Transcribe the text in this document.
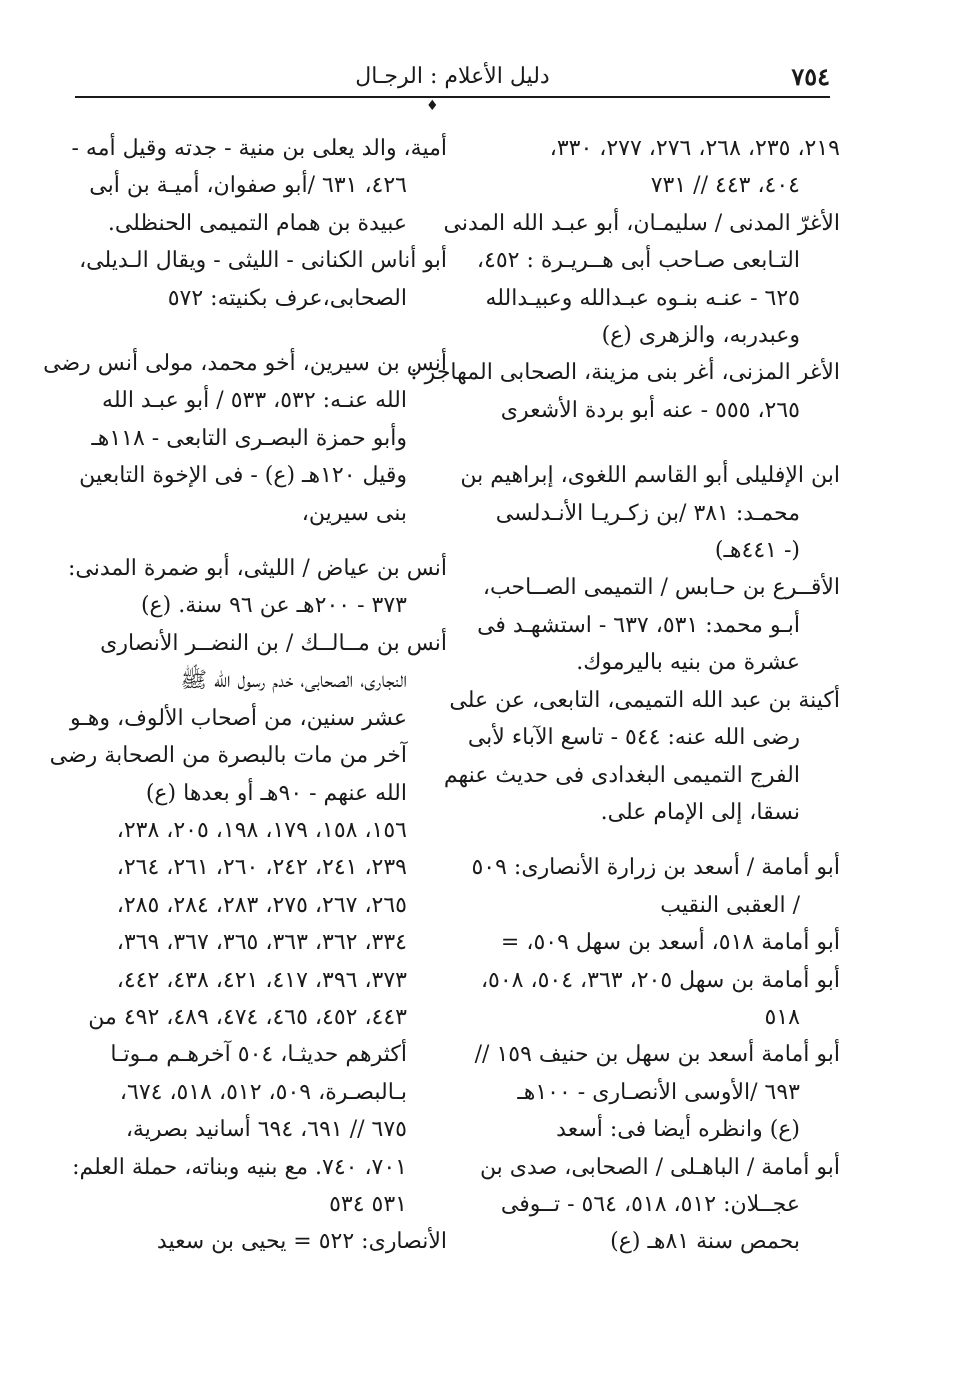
٧٥٤
دليل الأعلام : الرجـال
♦
٢١٩، ٢٣٥، ٢٦٨، ٢٧٦، ٢٧٧، ٣٣٠،
٤٠٤، ٤٤٣ // ٧٣١
الأغرّ المدنى / سليمـان، أبو عبـد الله المدنى
التـابعى صـاحب أبى هــريـرة : ٤٥٢،
٦٢٥ - عنـه بنـوه عبـدالله وعبيـدالله
وعبدربه، والزهرى (ع)
الأغر المزنى، أغر بنى مزينة، الصحابى المهاجر :
٢٦٥، ٥٥٥ - عنه أبو بردة الأشعرى
ابن الإفليلى أبو القاسم اللغوى، إبراهيم بن
محمـد: ٣٨١ /بن زكـريـا الأنـدلسى
(- ٤٤١هـ)
الأقــرع بن حـابس / التميمى الصــاحب،
أبـو محمد: ٥٣١، ٦٣٧ - استشهـد فى
عشرة من بنيه باليرموك.
أكينة بن عبد الله التميمى، التابعى، عن على
رضى الله عنه: ٥٤٤ - تاسع الآباء لأبى
الفرج التميمى البغدادى فى حديث عنهم
نسقا، إلى الإمام على.
أبو أمامة / أسعد بن زرارة الأنصارى: ٥٠٩
/ العقبى النقيب
أبو أمامة ٥١٨، أسعد بن سهل ٥٠٩، =
أبو أمامة بن سهل ٢٠٥، ٣٦٣، ٥٠٤، ٥٠٨،
٥١٨
أبو أمامة أسعد بن سهل بن حنيف ١٥٩ //
٦٩٣ /الأوسى الأنصـارى - ١٠٠هـ
(ع) وانظره أيضا فى: أسعد
أبو أمامة / الباهـلى / الصحابى، صدى بن
عجــلان: ٥١٢، ٥١٨، ٥٦٤ - تــوفى
بحمص سنة ٨١هـ (ع)
أمية، والد يعلى بن منية - جدته وقيل أمه -
٤٢٦، ٦٣١ /أبو صفوان، أميـة بن أبى
عبيدة بن همام التميمى الحنظلى.
أبو أناس الكنانى - الليثى - ويقال الـديلى،
الصحابى،عرف بكنيته: ٥٧٢
أنس بن سيرين، أخو محمد، مولى أنس رضى
الله عنـه: ٥٣٢، ٥٣٣ / أبو عبـد الله
وأبو حمزة البصـرى التابعى - ١١٨هـ
وقيل ١٢٠هـ (ع) - فى الإخوة التابعين
بنى سيرين،
أنس بن عياض / الليثى، أبو ضمرة المدنى:
٣٧٣ - ٢٠٠هـ عن ٩٦ سنة. (ع)
أنس بن مــالــك / بن النضــر الأنصارى
النجارى، الصحابى، خدم رسول الله ﷺ
عشر سنين، من أصحاب الألوف، وهـو
آخر من مات بالبصرة من الصحابة رضى
الله عنهم - ٩٠هـ أو بعدها (ع)
١٥٦، ١٥٨، ١٧٩، ١٩٨، ٢٠٥، ٢٣٨،
٢٣٩، ٢٤١، ٢٤٢، ٢٦٠، ٢٦١، ٢٦٤،
٢٦٥، ٢٦٧، ٢٧٥، ٢٨٣، ٢٨٤، ٢٨٥،
٣٣٤، ٣٦٢، ٣٦٣، ٣٦٥، ٣٦٧، ٣٦٩،
٣٧٣، ٣٩٦، ٤١٧، ٤٢١، ٤٣٨، ٤٤٢،
٤٤٣، ٤٥٢، ٤٦٥، ٤٧٤، ٤٨٩، ٤٩٢ من
أكثرهم حديثـا، ٥٠٤ آخرهـم مـوتـا
بـالبصـرة، ٥٠٩، ٥١٢، ٥١٨، ٦٧٤،
٦٧٥ // ٦٩١، ٦٩٤ أسانيد بصرية،
٧٠١، ٧٤٠. مع بنيه وبناته، حملة العلم:
٥٣١ ٥٣٤
الأنصارى: ٥٢٢ = يحيى بن سعيد
